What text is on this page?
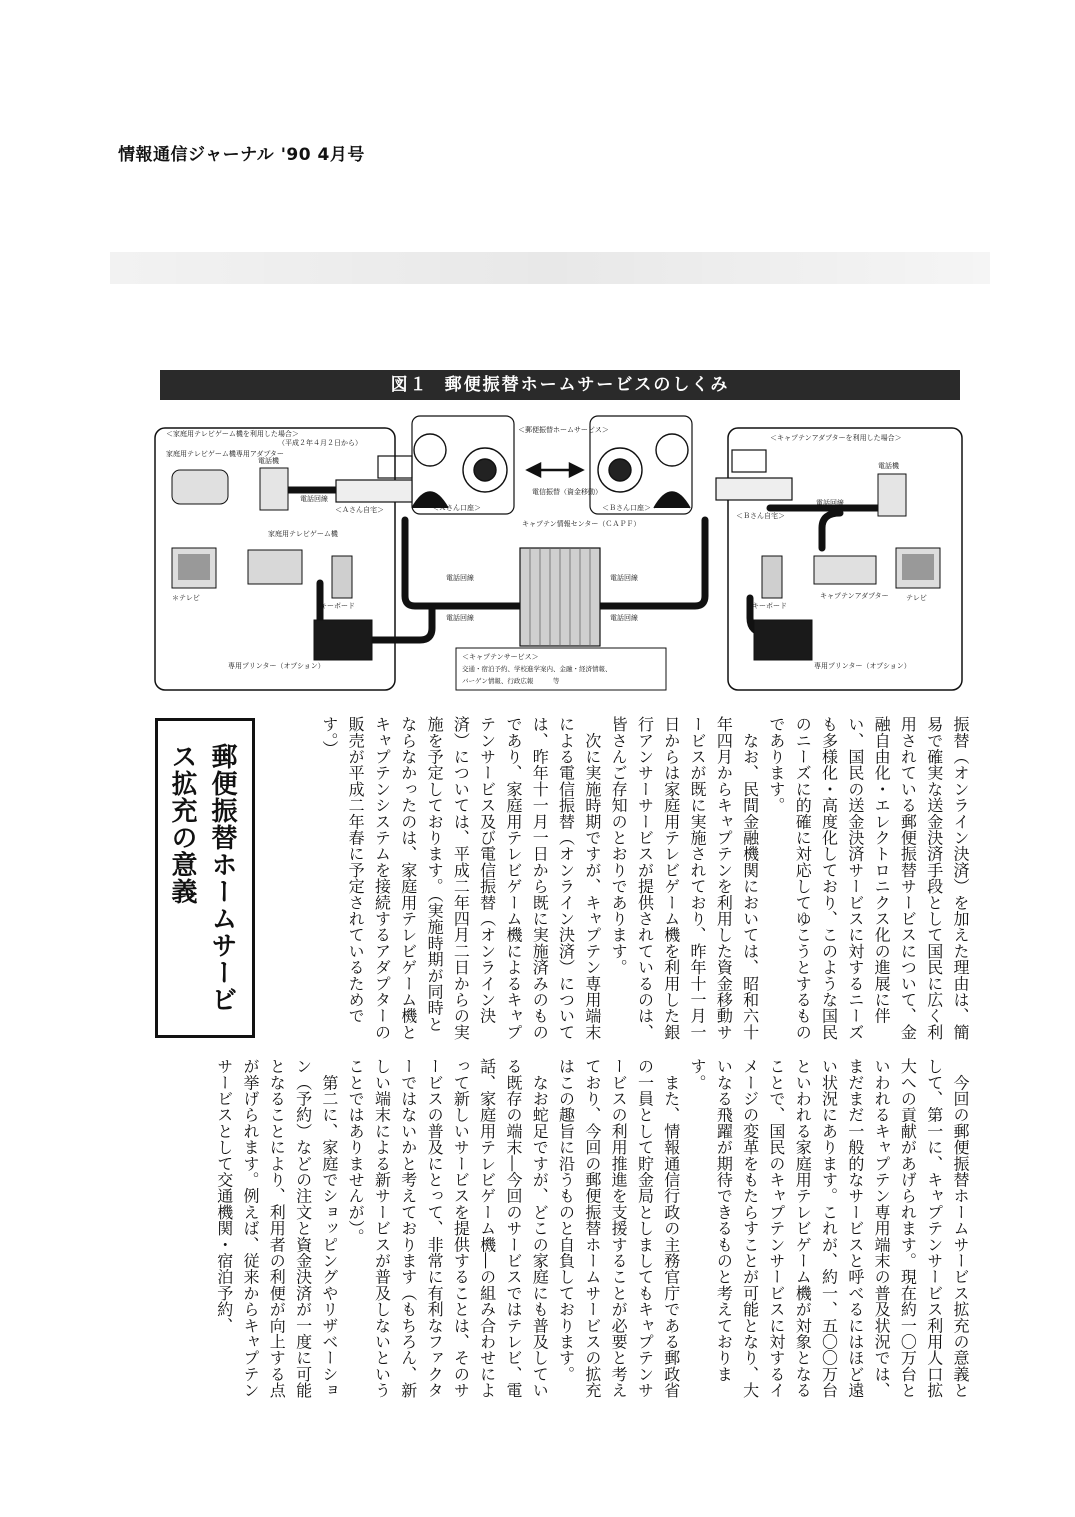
情報通信ジャーナル '90 4月号
図１ 郵便振替ホームサービスのしくみ
＜家庭用テレビゲーム機を利用した場合＞
（平成２年４月２日から）
家庭用テレビゲーム機専用アダプター
電話機
電話回線
＜Ａさん自宅＞	＜Ａさん口座＞
家庭用テレビゲーム機
＊テレビ
キーボード
専用プリンター（オプション）
＜郵便振替ホームサービス＞
電信振替（資金移動）
キャプテン情報センター（ＣＡＰＦ）
電話回線
電話回線
電話回線
電話回線
＜Ｂさん口座＞
＜キャプテンアダプターを利用した場合＞
＜Ｂさん自宅＞
電話機
電話回線
キャプテンアダプター テレビ
キーボード
専用プリンター（オプション）
＜キャプテンサービス＞
交通・宿泊予約、学校進学案内、金融・経済情報、
バーゲン情報、行政広報　　　等
郵便振替ホームサービス拡充の意義	振替（オンライン決済）を加えた理由は、簡易で確実な送金決済手段として国民に広く利用されている郵便振替サービスについて、金融自由化・エレクトロニクス化の進展に伴い、国民の送金決済サービスに対するニーズも多様化・高度化しており、このような国民のニーズに的確に対応してゆこうとするものであります。

　なお、民間金融機関においては、昭和六十年四月からキャプテンを利用した資金移動サービスが既に実施されており、昨年十一月一日からは家庭用テレビゲーム機を利用した銀行アンサーサービスが提供されているのは、皆さんご存知のとおりであります。

　次に実施時期ですが、キャプテン専用端末による電信振替（オンライン決済）については、昨年十一月一日から既に実施済みのものであり、家庭用テレビゲーム機によるキャプテンサービス及び電信振替（オンライン決済）については、平成二年四月二日からの実施を予定しております。（実施時期が同時とならなかったのは、家庭用テレビゲーム機とキャプテンシステムを接続するアダプターの販売が平成二年春に予定されているためです。）

　今回の郵便振替ホームサービス拡充の意義として、第一に、キャプテンサービス利用人口拡大への貢献があげられます。現在約一〇万台といわれるキャプテン専用端末の普及状況では、まだまだ一般的なサービスと呼べるにはほど遠い状況にあります。これが、約一、五〇〇万台といわれる家庭用テレビゲーム機が対象となることで、国民のキャプテンサービスに対するイメージの変革をもたらすことが可能となり、大いなる飛躍が期待できるものと考えております。

　また、情報通信行政の主務官庁である郵政省の一員として貯金局としましてもキャプテンサービスの利用推進を支援することが必要と考えており、今回の郵便振替ホームサービスの拡充はこの趣旨に沿うものと自負しております。

　なお蛇足ですが、どこの家庭にも普及している既存の端末―今回のサービスではテレビ、電話、家庭用テレビゲーム機―の組み合わせによって新しいサービスを提供することは、そのサービスの普及にとって、非常に有利なファクターではないかと考えております（もちろん、新しい端末による新サービスが普及しないということではありませんが）。

　第二に、家庭でショッピングやリザベーション（予約）などの注文と資金決済が一度に可能となることにより、利用者の利便が向上する点が挙げられます。例えば、従来からキャプテンサービスとして交通機関・宿泊予約、
